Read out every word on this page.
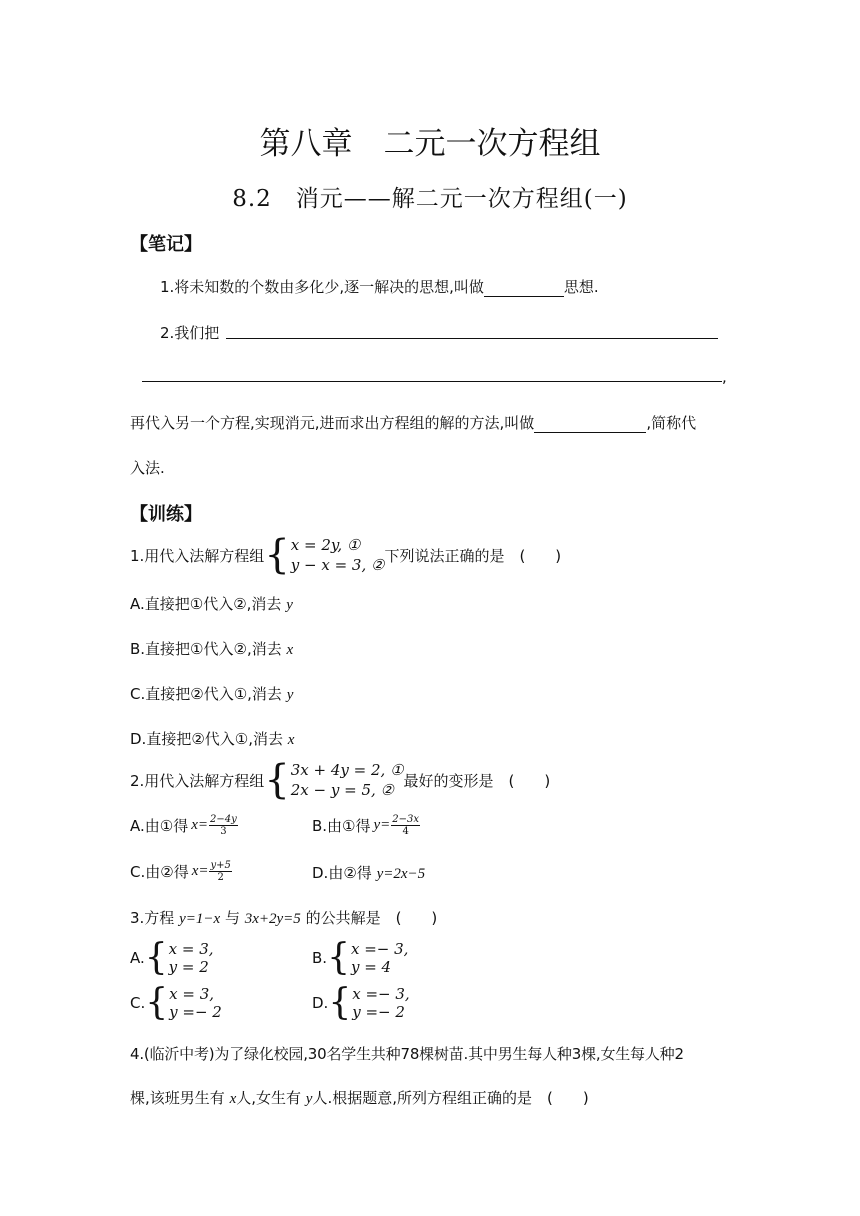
第八章　二元一次方程组
8.2　消元——解二元一次方程组(一)
【笔记】
1.将未知数的个数由多化少,逐一解决的思想,叫做	思想.
2.我们把
,
再代入另一个方程,实现消元,进而求出方程组的解的方法,叫做	,简称代
入法.
【训练】
1.用代入法解方程组 { x = 2y, ①
y − x = 3, ②
下列说法正确的是　(　　)
A.直接把①代入②,消去 y
B.直接把①代入②,消去 x
C.直接把②代入①,消去 y
D.直接把②代入①,消去 x
2.用代入法解方程组 { 3x + 4y = 2, ①
2x − y = 5, ②
最好的变形是　(　　)
A.由①得 $x= \frac{2-4y}{3}$	B.由①得 $y= \frac{2-3x}{4}$
C.由②得 $x= \frac{y+5}{2}$	D.由②得 y=2x−5
3.方程 y=1−x 与 3x+2y=5 的公共解是　(　　)
A. { x = 3,
y = 2	B. { x =− 3,
y = 4
C. { x = 3,
y =− 2	D. { x =− 3,
y =− 2
4.(临沂中考)为了绿化校园,30名学生共种78棵树苗.其中男生每人种3棵,女生每人种2
棵,该班男生有 x人,女生有 y人.根据题意,所列方程组正确的是　(　　)
